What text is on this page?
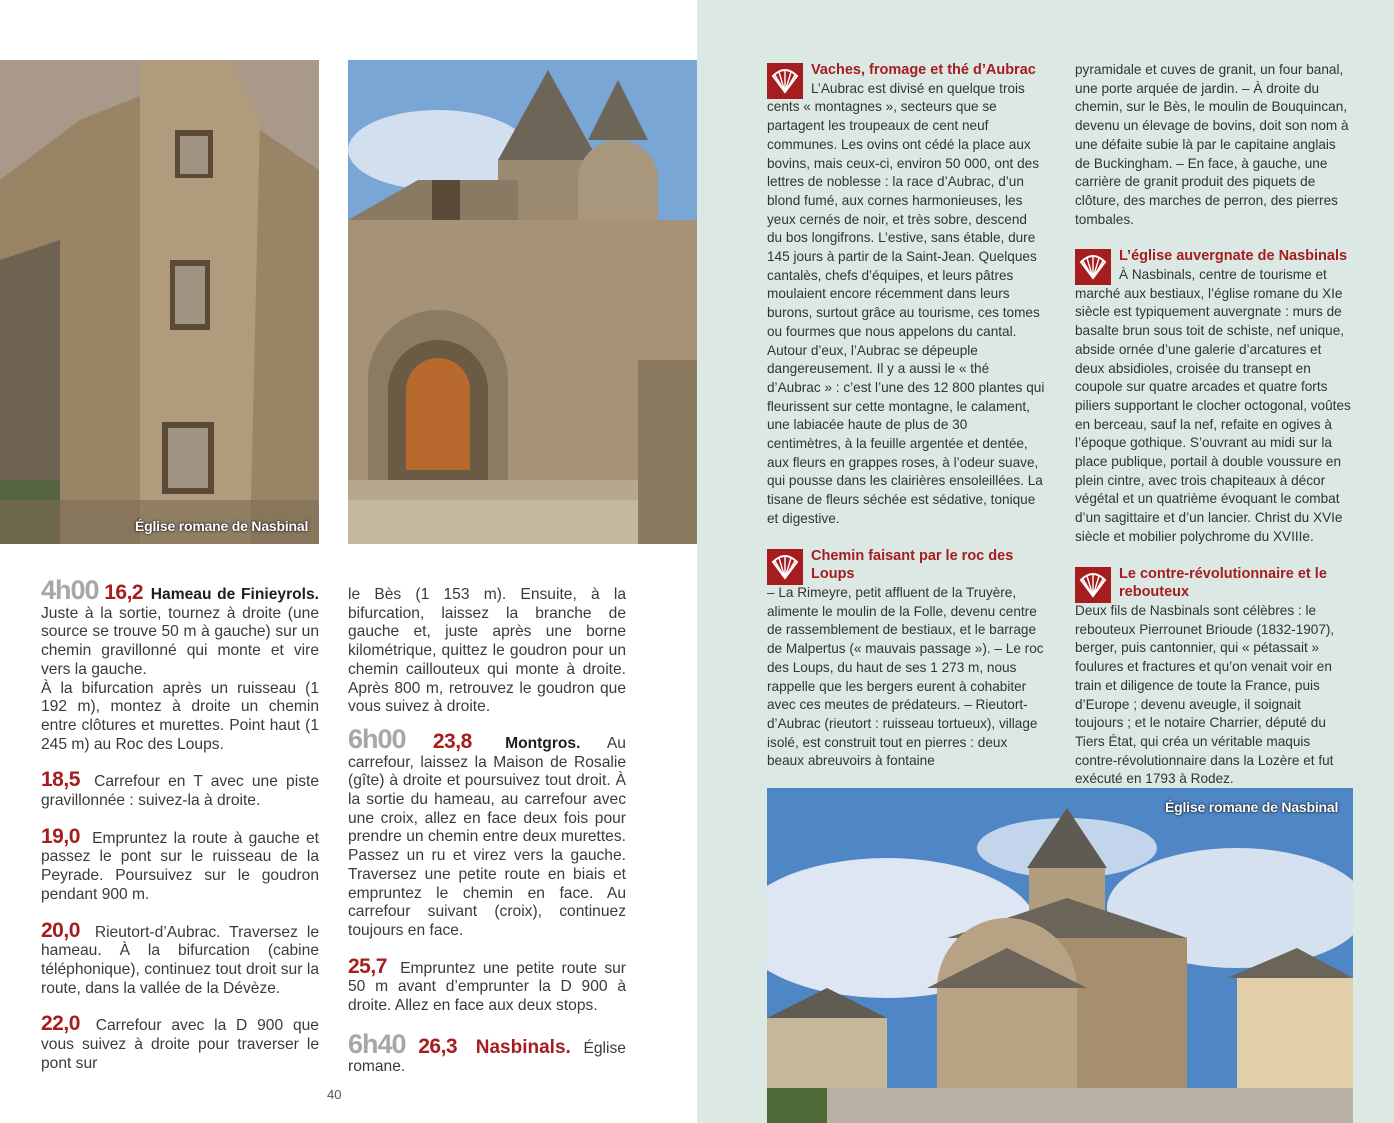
Église romane de Nasbinal
4h00 16,2 Hameau de Finieyrols. Juste à la sortie, tournez à droite (une source se trouve 50 m à gauche) sur un chemin gravillonné qui monte et vire vers la gauche.
À la bifurcation après un ruisseau (1 192 m), montez à droite un chemin entre clôtures et murettes. Point haut (1 245 m) au Roc des Loups.
18,5 Carrefour en T avec une piste gravillonnée : suivez-la à droite.
19,0 Empruntez la route à gauche et passez le pont sur le ruisseau de la Peyrade. Poursuivez sur le goudron pendant 900 m.
20,0 Rieutort-d’Aubrac. Traversez le hameau. À la bifurcation (cabine téléphonique), continuez tout droit sur la route, dans la vallée de la Dévèze.
22,0 Carrefour avec la D 900 que vous suivez à droite pour traverser le pont sur
le Bès (1 153 m). Ensuite, à la bifurcation, laissez la branche de gauche et, juste après une borne kilométrique, quittez le goudron pour un chemin caillouteux qui monte à droite. Après 800 m, retrouvez le goudron que vous suivez à droite.
6h00 23,8 Montgros. Au carrefour, laissez la Maison de Rosalie (gîte) à droite et poursuivez tout droit. À la sortie du hameau, au carrefour avec une croix, allez en face deux fois pour prendre un chemin entre deux murettes. Passez un ru et virez vers la gauche. Traversez une petite route en biais et empruntez le chemin en face. Au carrefour suivant (croix), continuez toujours en face.
25,7 Empruntez une petite route sur 50 m avant d’emprunter la D 900 à droite. Allez en face aux deux stops.
6h40 26,3 Nasbinals. Église romane.
40
Vaches, fromage et thé d’Aubrac
L’Aubrac est divisé en quelque trois
cents « montagnes », secteurs que se partagent les troupeaux de cent neuf communes. Les ovins ont cédé la place aux bovins, mais ceux-ci, environ 50 000, ont des lettres de noblesse : la race d’Aubrac, d’un blond fumé, aux cornes harmonieuses, les yeux cernés de noir, et très sobre, descend du bos longifrons. L’estive, sans étable, dure 145 jours à partir de la Saint-Jean. Quelques cantalès, chefs d’équipes, et leurs pâtres moulaient encore récemment dans leurs burons, surtout grâce au tourisme, ces tomes ou fourmes que nous appelons du cantal. Autour d’eux, l’Aubrac se dépeuple dangereusement. Il y a aussi le « thé d’Aubrac » : c’est l’une des 12 800 plantes qui fleurissent sur cette montagne, le calament, une labiacée haute de plus de 30 centimètres, à la feuille argentée et dentée, aux fleurs en grappes roses, à l’odeur suave, qui pousse dans les clairières ensoleillées. La tisane de fleurs séchée est sédative, tonique et digestive.
Chemin faisant par le roc des Loups
– La Rimeyre, petit affluent de la Truyère, alimente le moulin de la Folle, devenu centre de rassemblement de bestiaux, et le barrage de Malpertus (« mauvais passage »). – Le roc des Loups, du haut de ses 1 273 m, nous rappelle que les bergers eurent à cohabiter avec ces meutes de prédateurs. – Rieutort-d’Aubrac (rieutort : ruisseau tortueux), village isolé, est construit tout en pierres : deux beaux abreuvoirs à fontaine
pyramidale et cuves de granit, un four banal, une porte arquée de jardin. – À droite du chemin, sur le Bès, le moulin de Bouquincan, devenu un élevage de bovins, doit son nom à une défaite subie là par le capitaine anglais de Buckingham. – En face, à gauche, une carrière de granit produit des piquets de clôture, des marches de perron, des pierres tombales.
L’église auvergnate de Nasbinals
À Nasbinals, centre de tourisme et
marché aux bestiaux, l’église romane du XIe siècle est typiquement auvergnate : murs de basalte brun sous toit de schiste, nef unique, abside ornée d’une galerie d’arcatures et deux absidioles, croisée du transept en coupole sur quatre arcades et quatre forts piliers supportant le clocher octogonal, voûtes en berceau, sauf la nef, refaite en ogives à l’époque gothique. S’ouvrant au midi sur la place publique, portail à double voussure en plein cintre, avec trois chapiteaux à décor végétal et un quatrième évoquant le combat d’un sagittaire et d’un lancier. Christ du XVIe siècle et mobilier polychrome du XVIIIe.
Le contre-révolutionnaire et le rebouteux
Deux fils de Nasbinals sont célèbres : le rebouteux Pierrounet Brioude (1832-1907), berger, puis cantonnier, qui « pétassait » foulures et fractures et qu’on venait voir en train et diligence de toute la France, puis d’Europe ; devenu aveugle, il soignait toujours ; et le notaire Charrier, député du Tiers État, qui créa un véritable maquis contre-révolutionnaire dans la Lozère et fut exécuté en 1793 à Rodez.
Église romane de Nasbinal
